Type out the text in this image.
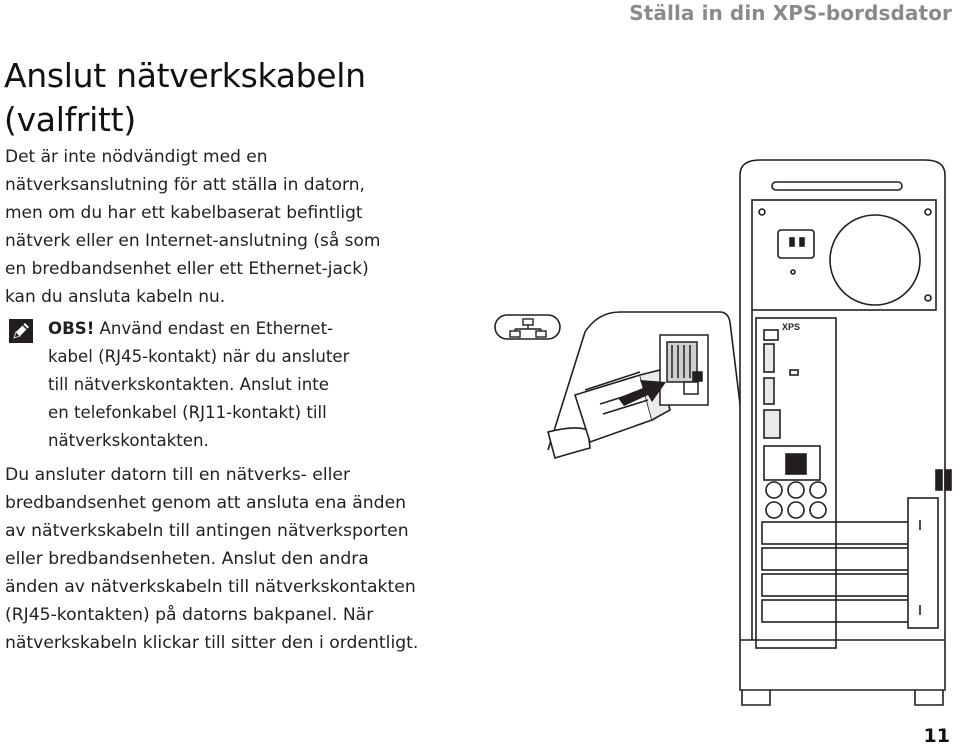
Ställa in din XPS-bordsdator
Anslut nätverkskabeln
(valfritt)
Det är inte nödvändigt med en
nätverksanslutning för att ställa in datorn,
men om du har ett kabelbaserat befintligt
nätverk eller en Internet-anslutning (så som
en bredbandsenhet eller ett Ethernet-jack)
kan du ansluta kabeln nu.
OBS! Använd endast en Ethernet-
kabel (RJ45-kontakt) när du ansluter
till nätverkskontakten. Anslut inte
en telefonkabel (RJ11-kontakt) till
nätverkskontakten.
Du ansluter datorn till en nätverks- eller
bredbandsenhet genom att ansluta ena änden
av nätverkskabeln till antingen nätverksporten
eller bredbandsenheten. Anslut den andra
änden av nätverkskabeln till nätverkskontakten
(RJ45-kontakten) på datorns bakpanel. När
nätverkskabeln klickar till sitter den i ordentligt.
XPS
11
